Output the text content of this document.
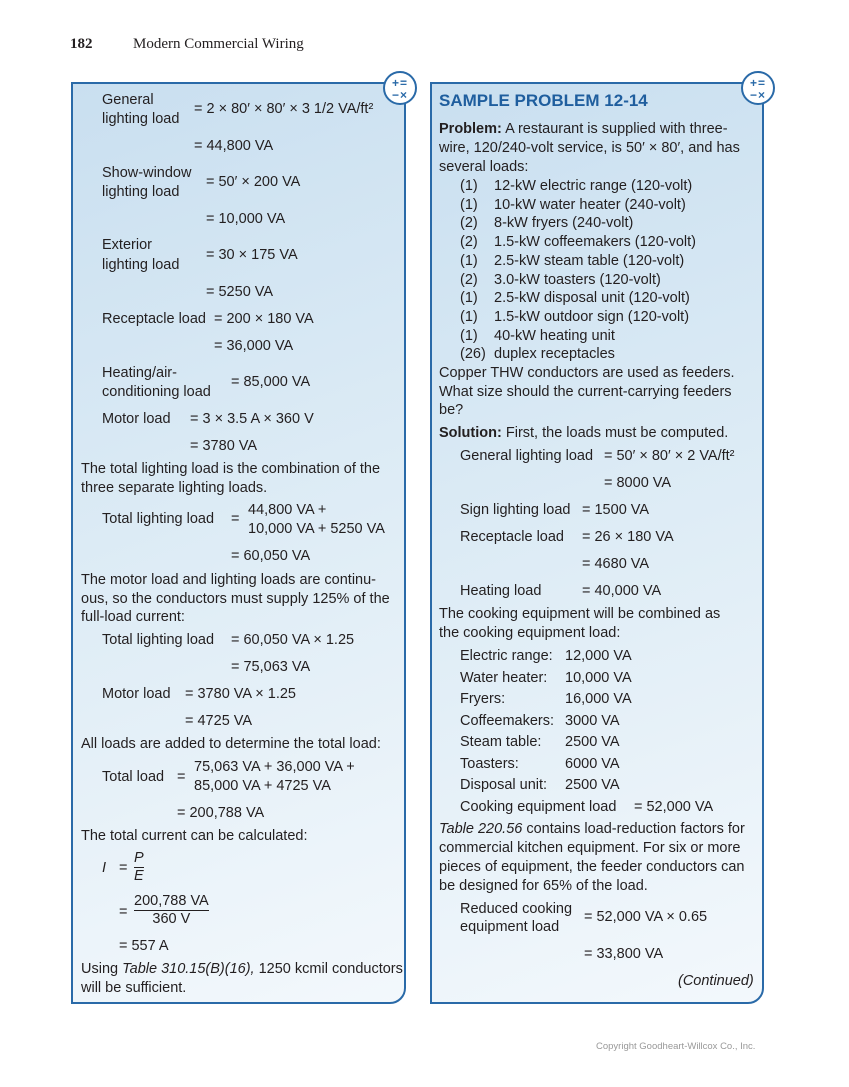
182	Modern Commercial Wiring
+=
−×
General
lighting load
= 2 × 80′ × 80′ × 3 1/2 VA/ft²
= 44,800 VA
Show-window
lighting load
= 50′ × 200 VA
= 10,000 VA
Exterior
lighting load
= 30 × 175 VA
= 5250 VA
Receptacle load = 200 × 180 VA
= 36,000 VA
Heating/air-
conditioning load
= 85,000 VA
Motor load = 3 × 3.5 A × 360 V
= 3780 VA
The total lighting load is the combination of the
three separate lighting loads.
Total lighting load =
44,800 VA +
10,000 VA + 5250 VA
= 60,050 VA
The motor load and lighting loads are continu-
ous, so the conductors must supply 125% of the
full-load current:
Total lighting load = 60,050 VA × 1.25
= 75,063 VA
Motor load = 3780 VA × 1.25
= 4725 VA
All loads are added to determine the total load:
Total load =
75,063 VA + 36,000 VA +
85,000 VA + 4725 VA
= 200,788 VA
The total current can be calculated:
$I = \frac{P}{E}$
= $\frac{200,788 VA}{360 V}$
= 557 A
Using Table 310.15(B)(16), 1250 kcmil conductors
will be sufficient.
+=
−×
SAMPLE PROBLEM 12-14
Problem: A restaurant is supplied with three-
wire, 120/240-volt service, is 50′ × 80′, and has
several loads:
(1) 12-kW electric range (120-volt)
(1) 10-kW water heater (240-volt)
(2) 8-kW fryers (240-volt)
(2) 1.5-kW coffeemakers (120-volt)
(1) 2.5-kW steam table (120-volt)
(2) 3.0-kW toasters (120-volt)
(1) 2.5-kW disposal unit (120-volt)
(1) 1.5-kW outdoor sign (120-volt)
(1) 40-kW heating unit
(26) duplex receptacles
Copper THW conductors are used as feeders.
What size should the current-carrying feeders
be?
Solution: First, the loads must be computed.
General lighting load = 50′ × 80′ × 2 VA/ft²
= 8000 VA
Sign lighting load = 1500 VA
Receptacle load = 26 × 180 VA
= 4680 VA
Heating load	= 40,000 VA
The cooking equipment will be combined as
the cooking equipment load:
Electric range: 12,000 VA
Water heater: 10,000 VA
Fryers:	16,000 VA
Coffeemakers: 3000 VA
Steam table: 2500 VA
Toasters:	6000 VA
Disposal unit: 2500 VA
Cooking equipment load = 52,000 VA
Table 220.56 contains load-reduction factors for
commercial kitchen equipment. For six or more
pieces of equipment, the feeder conductors can
be designed for 65% of the load.
Reduced cooking
equipment load
= 52,000 VA × 0.65
= 33,800 VA
(Continued)
Copyright Goodheart-Willcox Co., Inc.
